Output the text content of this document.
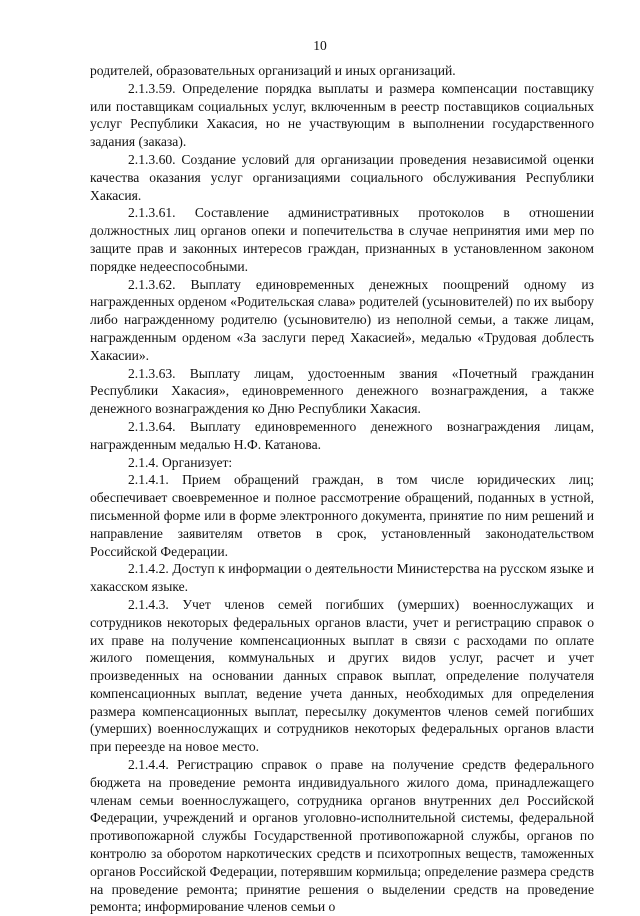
10

родителей, образовательных организаций и иных организаций.

2.1.3.59. Определение порядка выплаты и размера компенсации поставщику или поставщикам социальных услуг, включенным в реестр поставщиков социальных услуг Республики Хакасия, но не участвующим в выполнении государственного задания (заказа).

2.1.3.60. Создание условий для организации проведения независимой оценки качества оказания услуг организациями социального обслуживания Республики Хакасия.

2.1.3.61. Составление административных протоколов в отношении должностных лиц органов опеки и попечительства в случае непринятия ими мер по защите прав и законных интересов граждан, признанных в установленном законом порядке недееспособными.

2.1.3.62. Выплату единовременных денежных поощрений одному из награжденных орденом «Родительская слава» родителей (усыновителей) по их выбору либо награжденному родителю (усыновителю) из неполной семьи, а также лицам, награжденным орденом «За заслуги перед Хакасией», медалью «Трудовая доблесть Хакасии».

2.1.3.63. Выплату лицам, удостоенным звания «Почетный гражданин Республики Хакасия», единовременного денежного вознаграждения, а также денежного вознаграждения ко Дню Республики Хакасия.

2.1.3.64. Выплату единовременного денежного вознаграждения лицам, награжденным медалью Н.Ф. Катанова.

2.1.4. Организует:

2.1.4.1. Прием обращений граждан, в том числе юридических лиц; обеспечивает своевременное и полное рассмотрение обращений, поданных в устной, письменной форме или в форме электронного документа, принятие по ним решений и направление заявителям ответов в срок, установленный законодательством Российской Федерации.

2.1.4.2. Доступ к информации о деятельности Министерства на русском языке и хакасском языке.

2.1.4.3. Учет членов семей погибших (умерших) военнослужащих и сотрудников некоторых федеральных органов власти, учет и регистрацию справок о их праве на получение компенсационных выплат в связи с расходами по оплате жилого помещения, коммунальных и других видов услуг, расчет и учет произведенных на основании данных справок выплат, определение получателя компенсационных выплат, ведение учета данных, необходимых для определения размера компенсационных выплат, пересылку документов членов семей погибших (умерших) военнослужащих и сотрудников некоторых федеральных органов власти при переезде на новое место.

2.1.4.4. Регистрацию справок о праве на получение средств федерального бюджета на проведение ремонта индивидуального жилого дома, принадлежащего членам семьи военнослужащего, сотрудника органов внутренних дел Российской Федерации, учреждений и органов уголовно-исполнительной системы, федеральной противопожарной службы Государственной противопожарной службы, органов по контролю за оборотом наркотических средств и психотропных веществ, таможенных органов Российской Федерации, потерявшим кормильца; определение размера средств на проведение ремонта; принятие решения о выделении средств на проведение ремонта; информирование членов семьи о
